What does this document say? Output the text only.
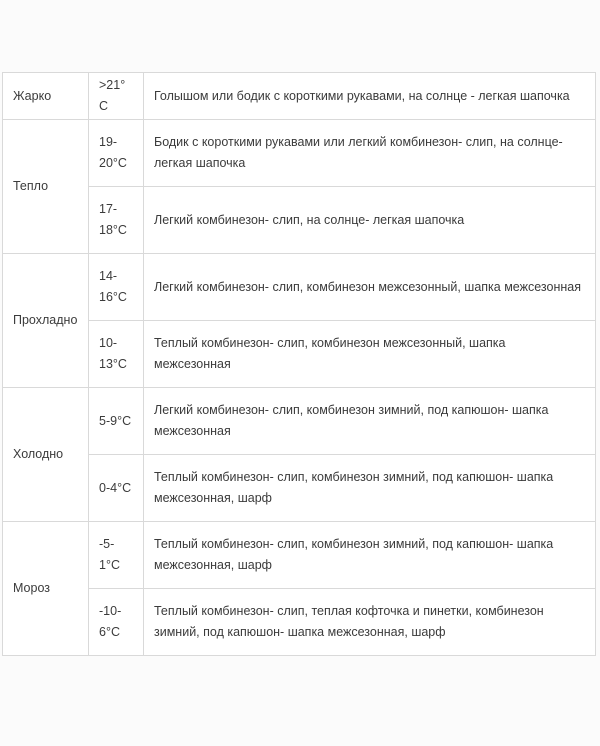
Жарко	>21°C	Голышом или бодик с короткими рукавами, на солнце - легкая шапочка
Тепло	19-20°C	Бодик с короткими рукавами или легкий комбинезон- слип, на солнце- легкая шапочка
	17-18°C	Легкий комбинезон- слип, на солнце- легкая шапочка
Прохладно	14-16°C	Легкий комбинезон- слип, комбинезон межсезонный, шапка межсезонная
	10-13°C	Теплый комбинезон- слип, комбинезон межсезонный, шапка межсезонная
Холодно	5-9°C	Легкий комбинезон- слип, комбинезон зимний, под капюшон- шапка межсезонная
	0-4°C	Теплый комбинезон- слип, комбинезон зимний, под капюшон- шапка межсезонная, шарф
Мороз	-5-1°C	Теплый комбинезон- слип, комбинезон зимний, под капюшон- шапка межсезонная, шарф
	-10-6°C	Теплый комбинезон- слип, теплая кофточка и пинетки, комбинезон зимний, под капюшон- шапка межсезонная, шарф
